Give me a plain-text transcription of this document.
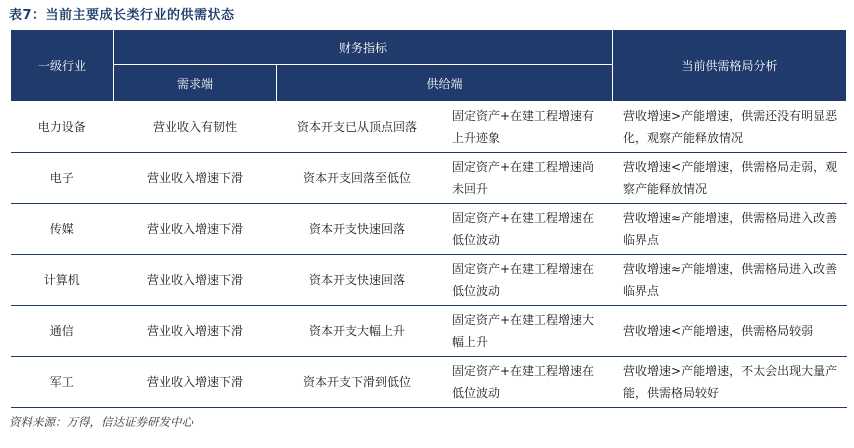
表7：当前主要成长类行业的供需状态
一级行业	财务指标			当前供需格局分析
	需求端	供给端		
电力设备	营业收入有韧性	资本开支已从顶点回落	固定资产+在建工程增速有上升迹象	营收增速>产能增速，供需还没有明显恶化，观察产能释放情况
电子	营业收入增速下滑	资本开支回落至低位	固定资产+在建工程增速尚未回升	营收增速<产能增速，供需格局走弱，观察产能释放情况
传媒	营业收入增速下滑	资本开支快速回落	固定资产+在建工程增速在低位波动	营收增速≈产能增速，供需格局进入改善临界点
计算机	营业收入增速下滑	资本开支快速回落	固定资产+在建工程增速在低位波动	营收增速≈产能增速，供需格局进入改善临界点
通信	营业收入增速下滑	资本开支大幅上升	固定资产+在建工程增速大幅上升	营收增速<产能增速，供需格局较弱
军工	营业收入增速下滑	资本开支下滑到低位	固定资产+在建工程增速在低位波动	营收增速>产能增速，不太会出现大量产能，供需格局较好
资料来源：万得，信达证券研发中心
